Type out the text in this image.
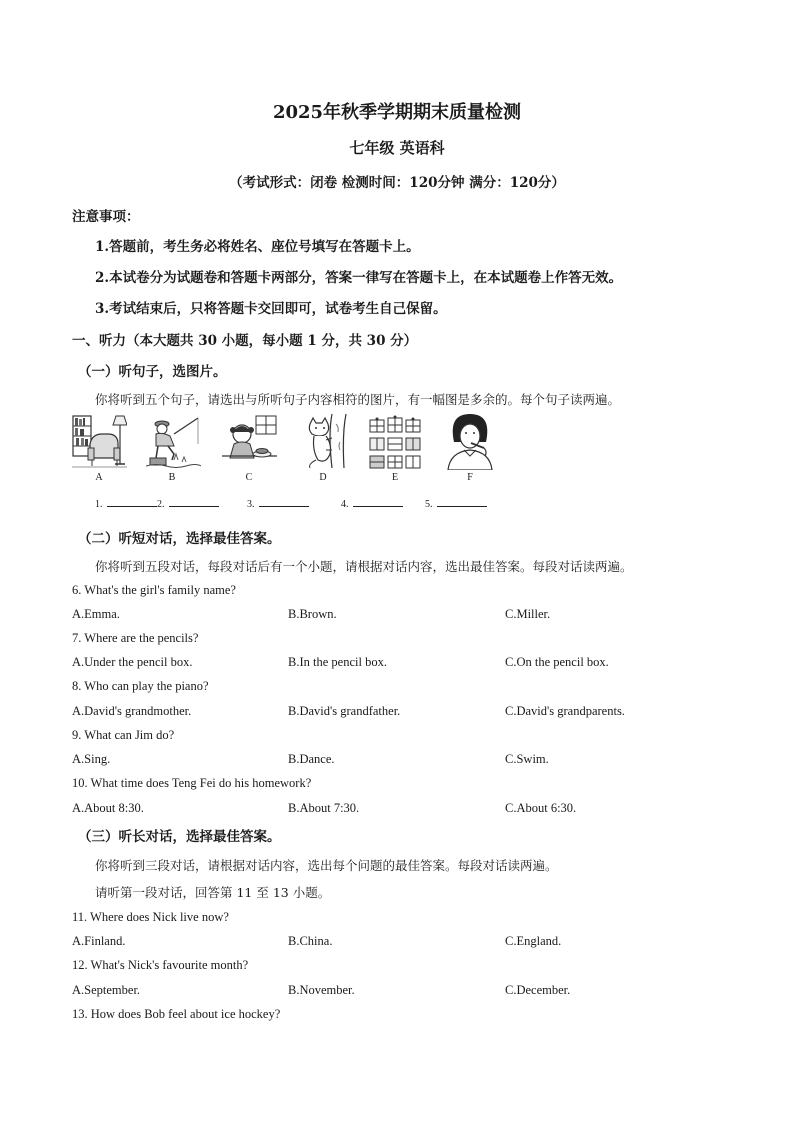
2025年秋季学期期末质量检测
七年级 英语科
（考试形式：闭卷 检测时间：120分钟 满分：120分）
注意事项：
1.答题前，考生务必将姓名、座位号填写在答题卡上。
2.本试卷分为试题卷和答题卡两部分，答案一律写在答题卡上，在本试题卷上作答无效。
3.考试结束后，只将答题卡交回即可，试卷考生自己保留。
一、听力（本大题共 30 小题，每小题 1 分，共 30 分）
（一）听句子，选图片。
你将听到五个句子，请选出与所听句子内容相符的图片，有一幅图是多余的。每个句子读两遍。
A	B	C	D	E	F
1.	2.	3.	4.	5.
（二）听短对话，选择最佳答案。
你将听到五段对话，每段对话后有一个小题，请根据对话内容，选出最佳答案。每段对话读两遍。
6. What's the girl's family name?
A.Emma.	B.Brown.	C.Miller.
7. Where are the pencils?
A.Under the pencil box.	B.In the pencil box.	C.On the pencil box.
8. Who can play the piano?
A.David's grandmother.	B.David's grandfather.	C.David's grandparents.
9. What can Jim do?
A.Sing.	B.Dance.	C.Swim.
10. What time does Teng Fei do his homework?
A.About 8:30.	B.About 7:30.	C.About 6:30.
（三）听长对话，选择最佳答案。
你将听到三段对话，请根据对话内容，选出每个问题的最佳答案。每段对话读两遍。
请听第一段对话，回答第 11 至 13 小题。
11. Where does Nick live now?
A.Finland.	B.China.	C.England.
12. What's Nick's favourite month?
A.September.	B.November.	C.December.
13. How does Bob feel about ice hockey?
